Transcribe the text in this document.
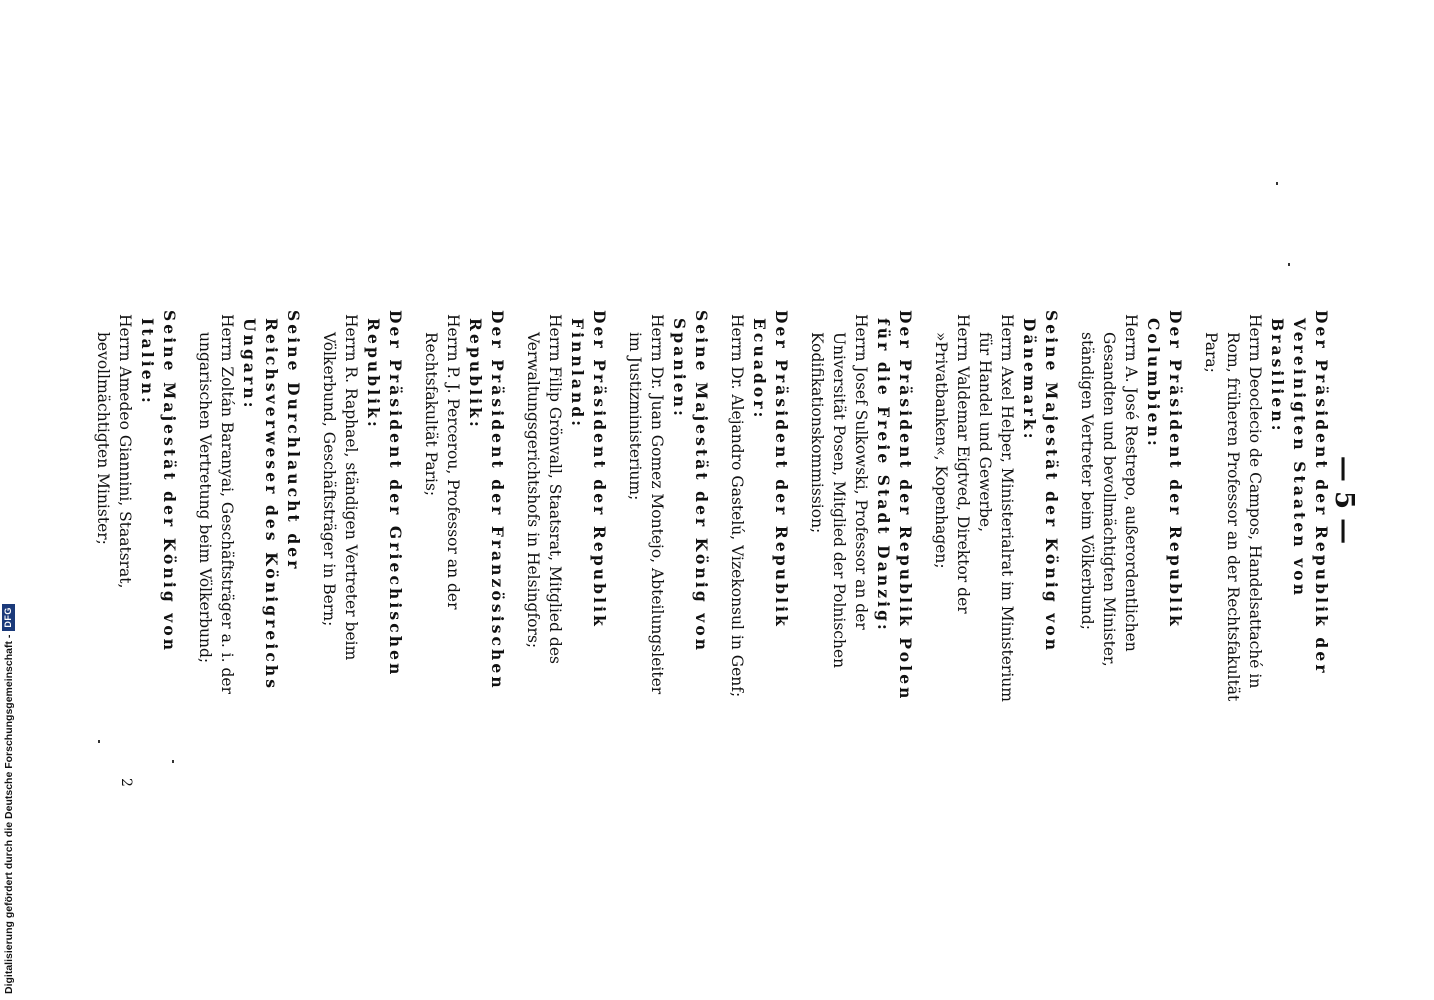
— 5 —
Der Präsident der Republik der Vereinigten Staaten von Brasilien:
Herrn Deoclecio de Campos, Handelsattaché in Rom, früheren Professor an der Rechtsfakultät Para;
Der Präsident der Republik Columbien:
Herrn A. José Restrepo, außerordentlichen Gesandten und bevollmächtigten Minister, ständigen Vertreter beim Völkerbund;
Seine Majestät der König von Dänemark:
Herrn Axel Helper, Ministerialrat im Ministerium für Handel und Gewerbe,
Herrn Valdemar Eigtved, Direktor der »Privatbanken«, Kopenhagen;
Der Präsident der Republik Polen für die Freie Stadt Danzig:
Herrn Josef Sulkowski, Professor an der Universität Posen, Mitglied der Polnischen Kodifikationskommission;
Der Präsident der Republik Ecuador:
Herrn Dr. Alejandro Gastelú, Vizekonsul in Genf;
Seine Majestät der König von Spanien:
Herrn Dr. Juan Gomez Montejo, Abteilungsleiter im Justizministerium;
Der Präsident der Republik Finnland:
Herrn Filip Grönvall, Staatsrat, Mitglied des Verwaltungsgerichtshofs in Helsingfors;
Der Präsident der Französischen Republik:
Herrn P. J. Percerou, Professor an der Rechtsfakultät Paris;
Der Präsident der Griechischen Republik:
Herrn R. Raphael, ständigen Vertreter beim Völkerbund, Geschäftsträger in Bern;
Seine Durchlaucht der Reichsverweser des Königreichs Ungarn:
Herrn Zoltán Baranyai, Geschäftsträger a. i. der ungarischen Vertretung beim Völkerbund;
Seine Majestät der König von Italien:
Herrn Amedeo Giannini, Staatsrat, bevollmächtigten Minister;
2
Digitalisierung gefördert durch die Deutsche Forschungsgemeinschaft -
DFG
